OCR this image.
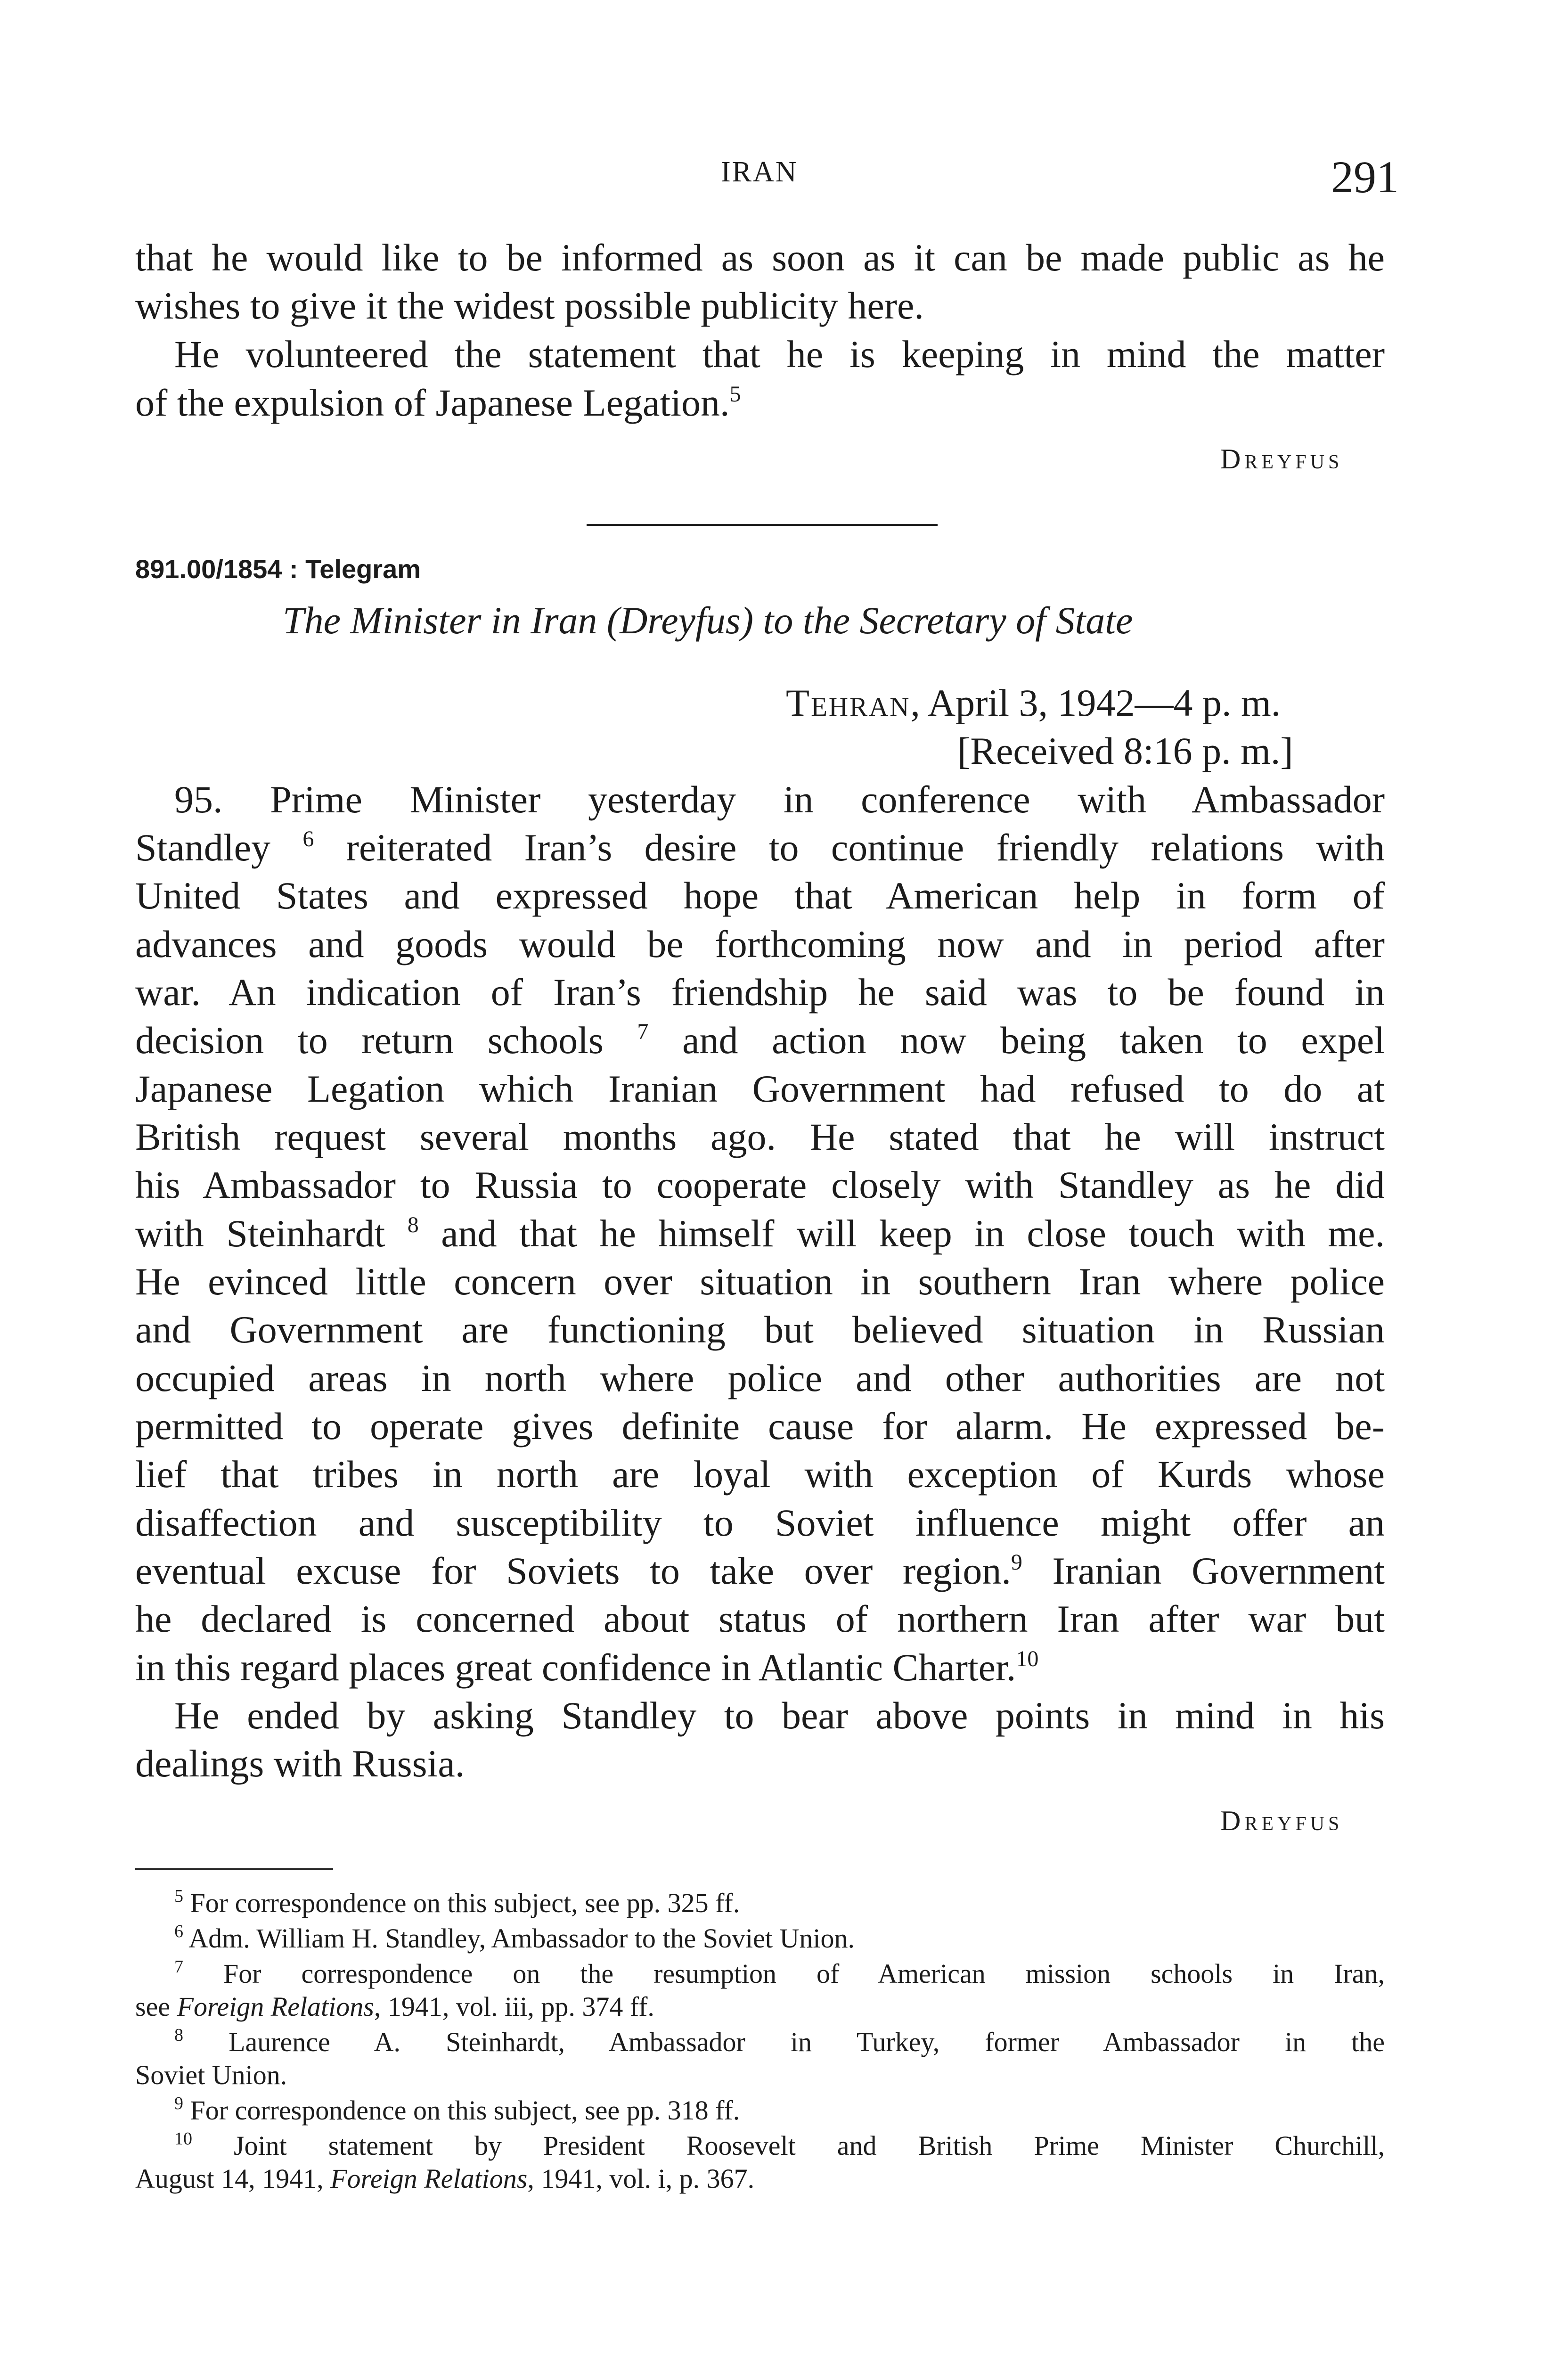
IRAN	291
that he would like to be informed as soon as it can be made public as he
wishes to give it the widest possible publicity here.
He volunteered the statement that he is keeping in mind the matter
of the expulsion of Japanese Legation.$^5$
Dreyfus
891.00/1854 : Telegram
The Minister in Iran (Dreyfus) to the Secretary of State
Tehran, April 3, 1942—4 p. m.
[Received 8:16 p. m.]
95. Prime Minister yesterday in conference with Ambassador
Standley $^6$ reiterated Iran’s desire to continue friendly relations with
United States and expressed hope that American help in form of
advances and goods would be forthcoming now and in period after
war. An indication of Iran’s friendship he said was to be found in
decision to return schools $^7$ and action now being taken to expel
Japanese Legation which Iranian Government had refused to do at
British request several months ago. He stated that he will instruct
his Ambassador to Russia to cooperate closely with Standley as he did
with Steinhardt $^8$ and that he himself will keep in close touch with me.
He evinced little concern over situation in southern Iran where police
and Government are functioning but believed situation in Russian
occupied areas in north where police and other authorities are not
permitted to operate gives definite cause for alarm. He expressed be-
lief that tribes in north are loyal with exception of Kurds whose
disaffection and susceptibility to Soviet influence might offer an
eventual excuse for Soviets to take over region.$^9$ Iranian Government
he declared is concerned about status of northern Iran after war but
in this regard places great confidence in Atlantic Charter.$^{10}$
He ended by asking Standley to bear above points in mind in his
dealings with Russia.
Dreyfus
$^5$ For correspondence on this subject, see pp. 325 ff.
$^6$ Adm. William H. Standley, Ambassador to the Soviet Union.
$^7$ For correspondence on the resumption of American mission schools in Iran,
see Foreign Relations, 1941, vol. iii, pp. 374 ff.
$^8$ Laurence A. Steinhardt, Ambassador in Turkey, former Ambassador in the
Soviet Union.
$^9$ For correspondence on this subject, see pp. 318 ff.
$^{10}$ Joint statement by President Roosevelt and British Prime Minister Churchill,
August 14, 1941, Foreign Relations, 1941, vol. i, p. 367.
